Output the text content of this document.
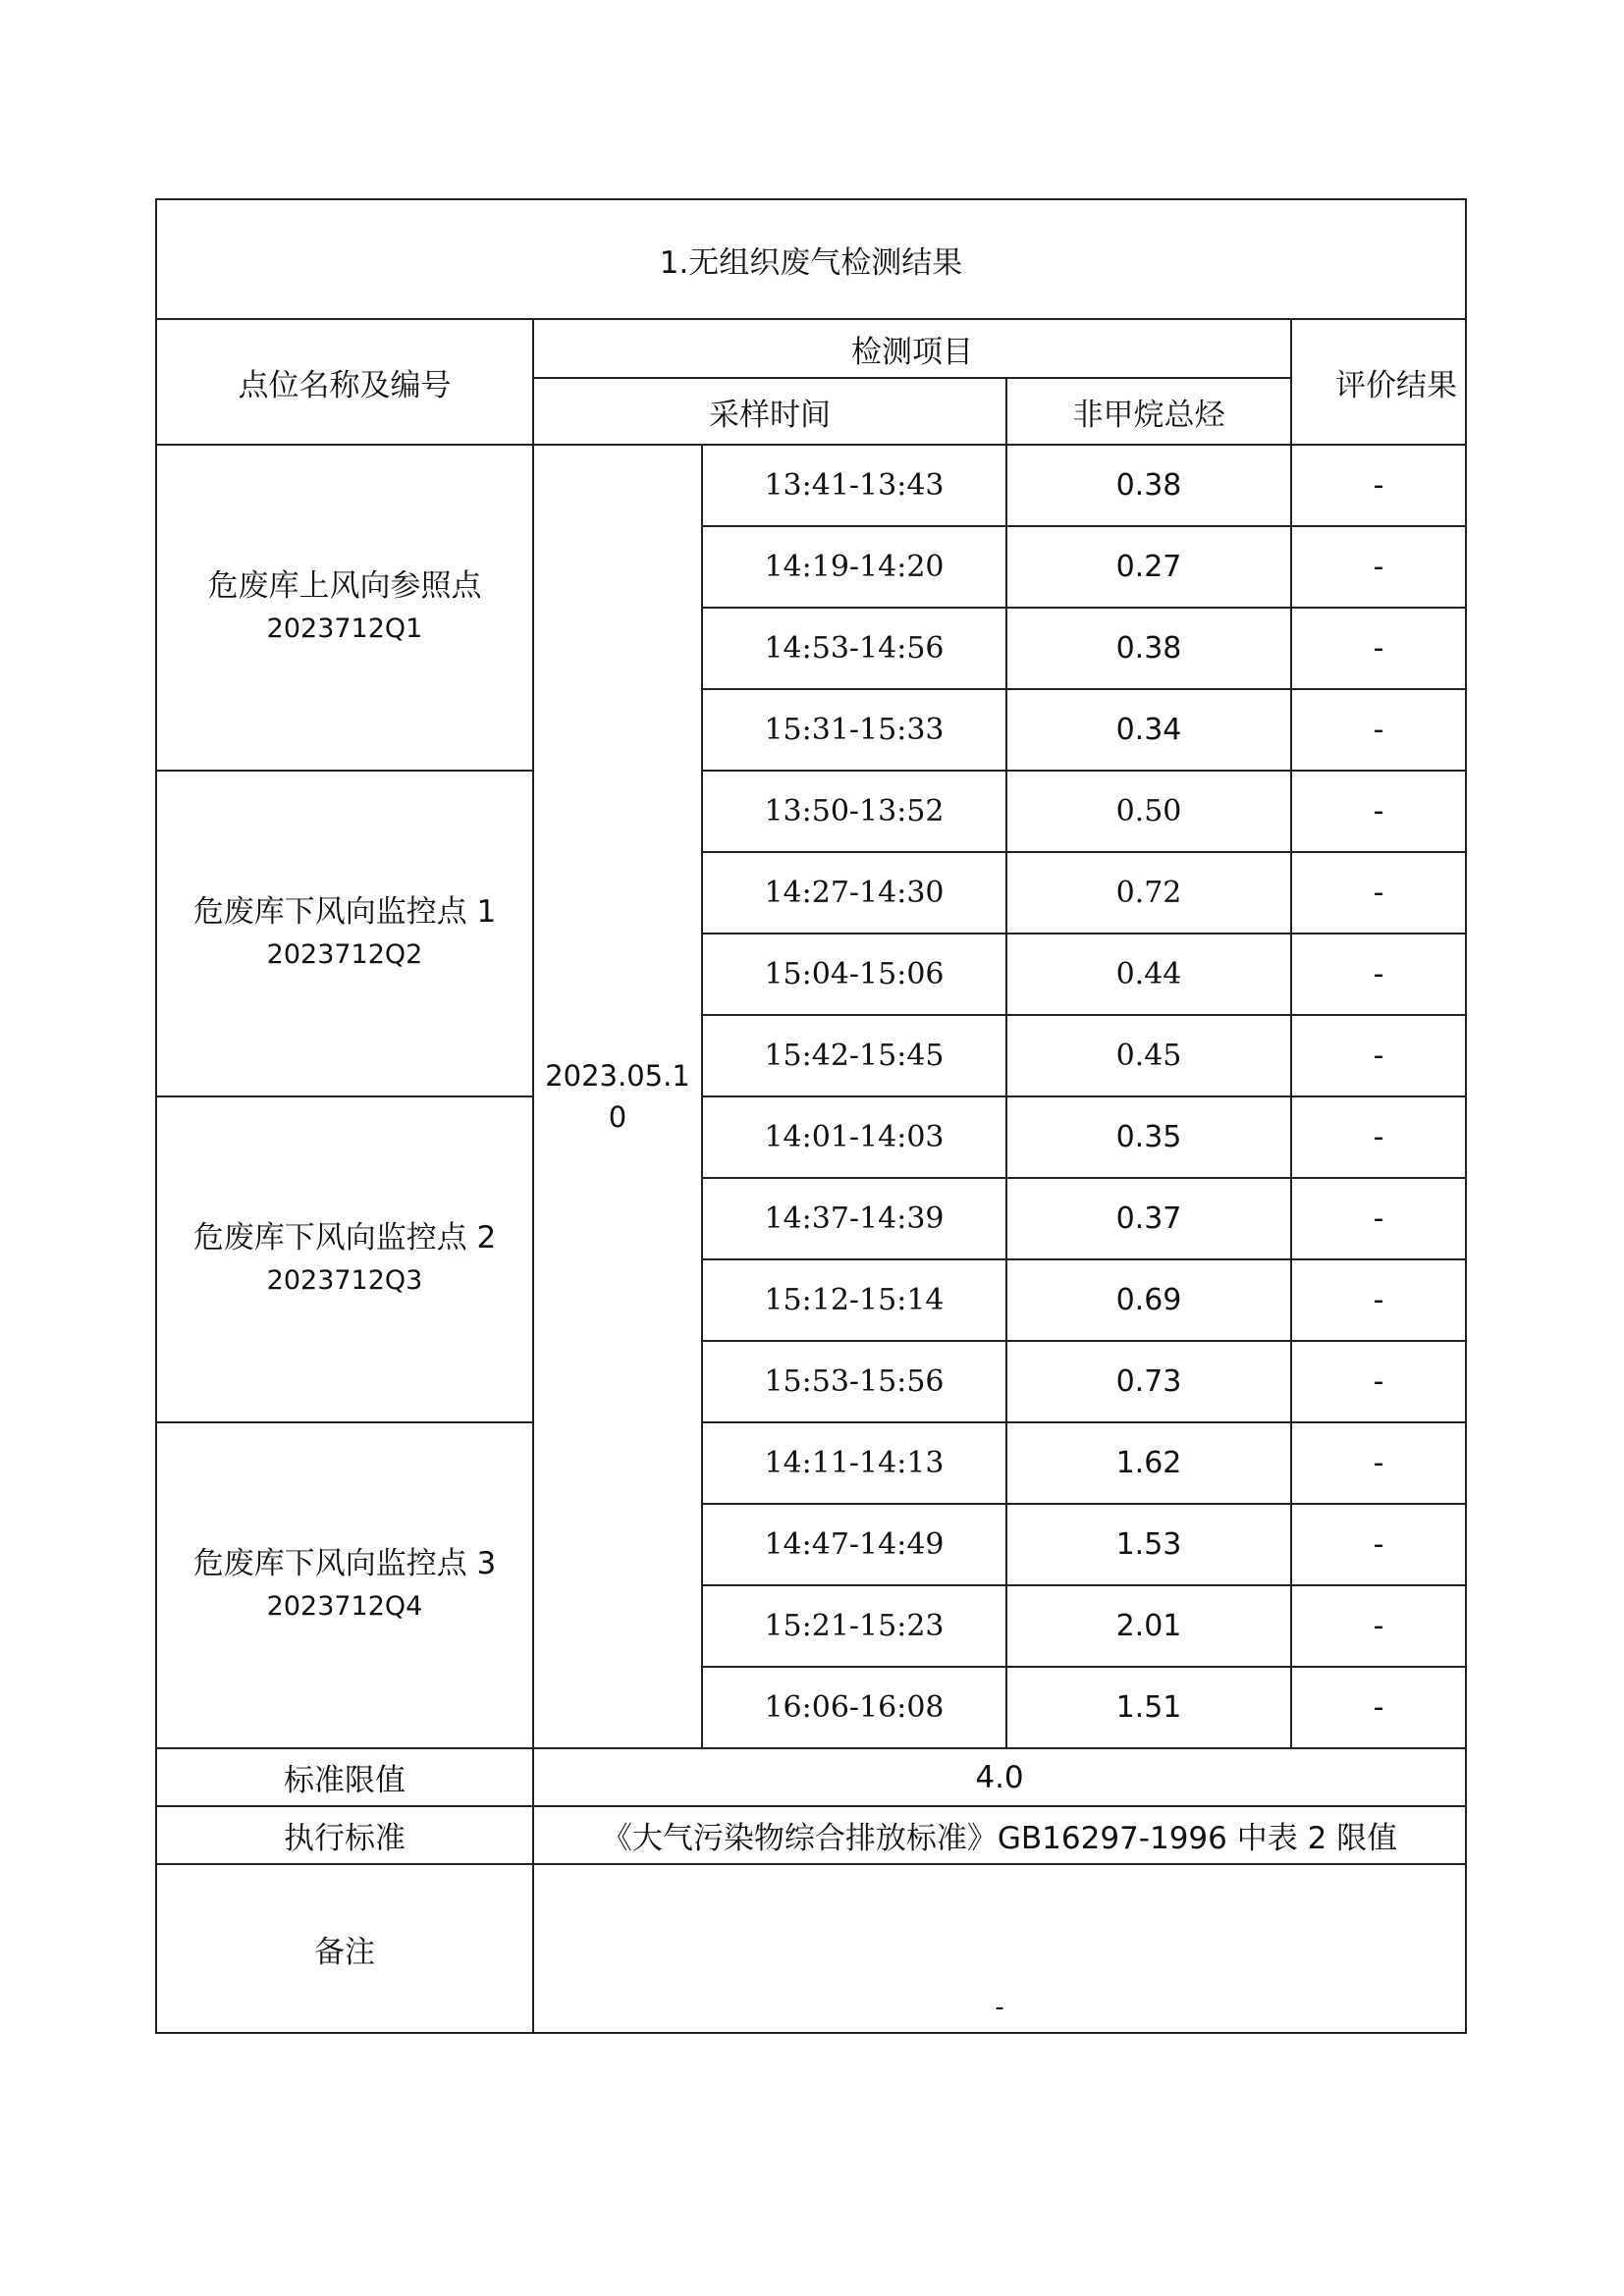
1.无组织废气检测结果				
点位名称及编号	检测项目			评价结果
	采样时间		非甲烷总烃	

危废库上风向参照点
2023712Q1	2023.05.10	13:41-13:43	0.38	-
		14:19-14:20	0.27	-
		14:53-14:56	0.38	-
		15:31-15:33	0.34	-

危废库下风向监控点 1
2023712Q2		13:50-13:52	0.50	-
		14:27-14:30	0.72	-
		15:04-15:06	0.44	-
		15:42-15:45	0.45	-

危废库下风向监控点 2
2023712Q3		14:01-14:03	0.35	-
		14:37-14:39	0.37	-
		15:12-15:14	0.69	-
		15:53-15:56	0.73	-

危废库下风向监控点 3
2023712Q4		14:11-14:13	1.62	-
		14:47-14:49	1.53	-
		15:21-15:23	2.01	-
		16:06-16:08	1.51	-
标准限值	4.0			
执行标准	《大气污染物综合排放标准》GB16297-1996 中表 2 限值			
备注	-			
